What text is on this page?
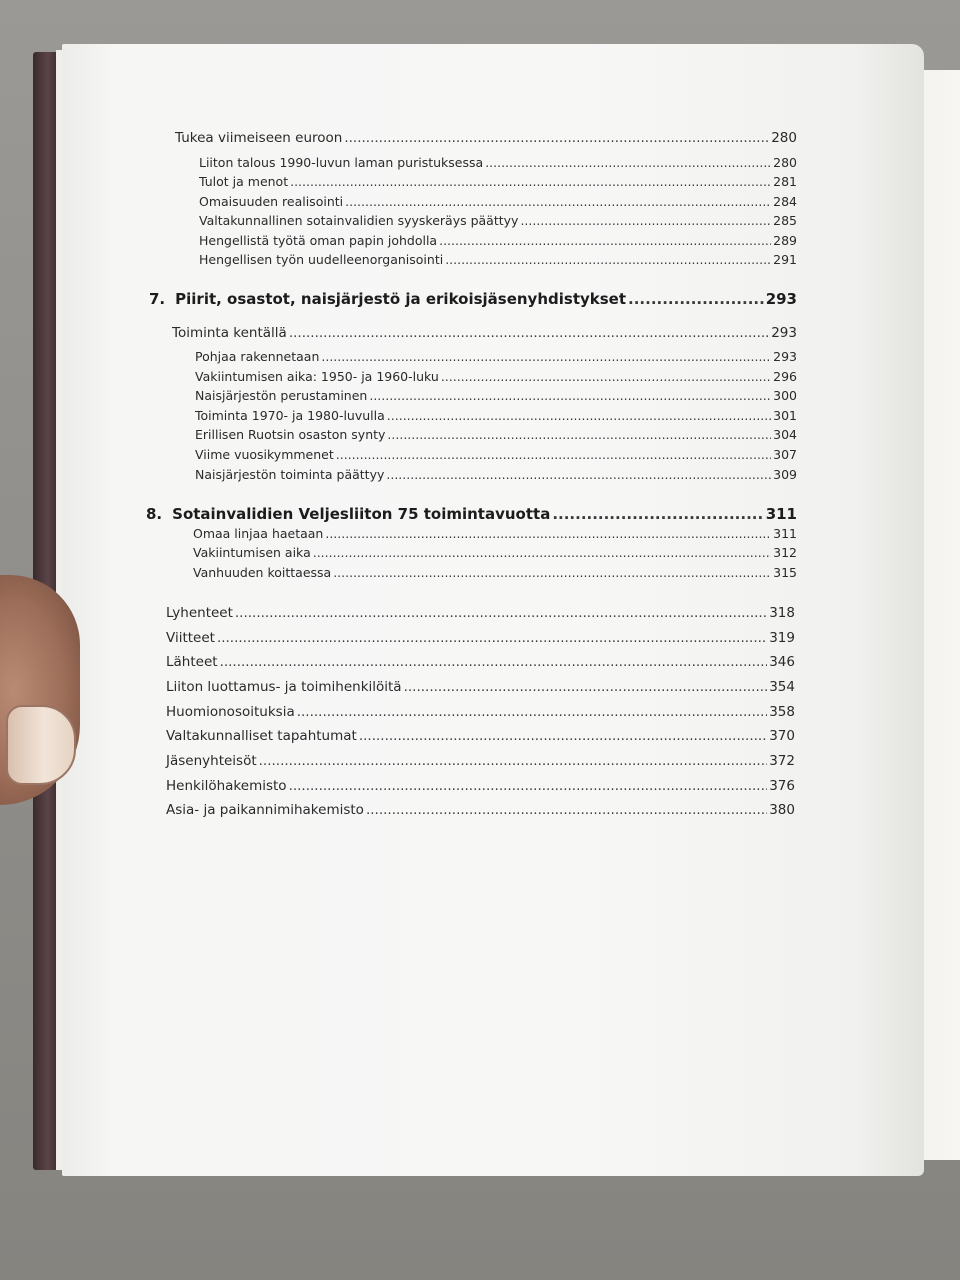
Tukea viimeiseen euroon .....	280
Liiton talous 1990-luvun laman puristuksessa .....	280
Tulot ja menot .....	281
Omaisuuden realisointi .....	284
Valtakunnallinen sotainvalidien syyskeräys päättyy .....	285
Hengellistä työtä oman papin johdolla .....	289
Hengellisen työn uudelleenorganisointi .....	291
7. Piirit, osastot, naisjärjestö ja erikoisjäsenyhdistykset .....	293
Toiminta kentällä .....	293
Pohjaa rakennetaan .....	293
Vakiintumisen aika: 1950- ja 1960-luku .....	296
Naisjärjestön perustaminen .....	300
Toiminta 1970- ja 1980-luvulla .....	301
Erillisen Ruotsin osaston synty .....	304
Viime vuosikymmenet .....	307
Naisjärjestön toiminta päättyy .....	309
8. Sotainvalidien Veljesliiton 75 toimintavuotta .....	311
Omaa linjaa haetaan .....	311
Vakiintumisen aika .....	312
Vanhuuden koittaessa .....	315
Lyhenteet .....	318
Viitteet .....	319
Lähteet .....	346
Liiton luottamus- ja toimihenkilöitä .....	354
Huomionosoituksia .....	358
Valtakunnalliset tapahtumat .....	370
Jäsenyhteisöt .....	372
Henkilöhakemisto .....	376
Asia- ja paikannimihakemisto .....	380
